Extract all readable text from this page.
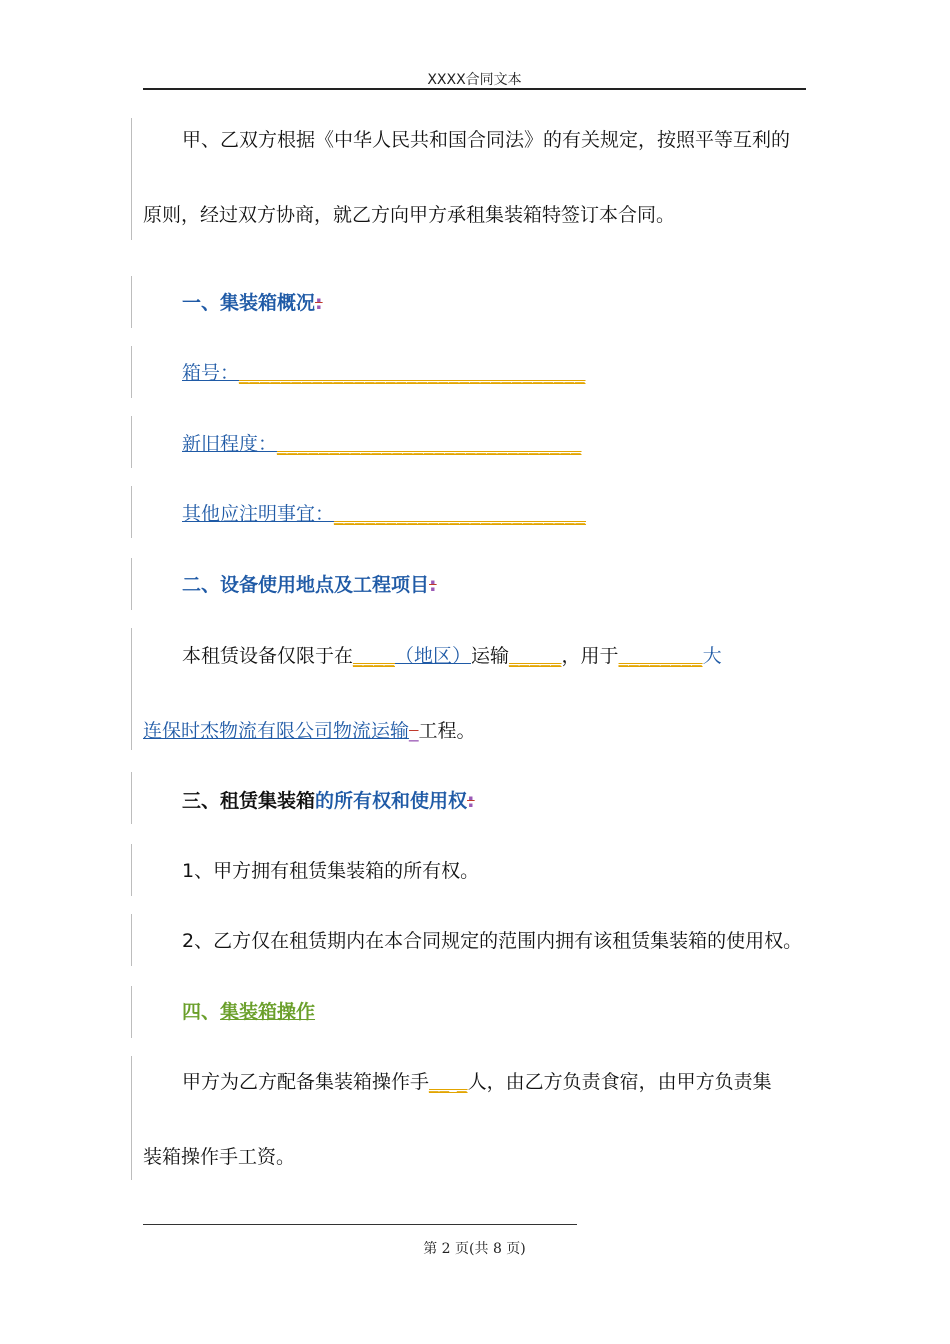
XXXX合同文本
甲、乙双方根据《中华人民共和国合同法》的有关规定，按照平等互利的
原则，经过双方协商，就乙方向甲方承租集装箱特签订本合同。
一、集装箱概况:
箱号：_________________________________
新旧程度：_____________________________
其他应注明事宜：________________________
二、设备使用地点及工程项目:
本租赁设备仅限于在____（地区）运输_____，用于________大
连保时杰物流有限公司物流运输_工程。
三、租赁集装箱的所有权和使用权:
1、甲方拥有租赁集装箱的所有权。
2、乙方仅在租赁期内在本合同规定的范围内拥有该租赁集装箱的使用权。
四、集装箱操作
甲方为乙方配备集装箱操作手__ _人，由乙方负责食宿，由甲方负责集
装箱操作手工资。
第 2 页(共 8 页)
